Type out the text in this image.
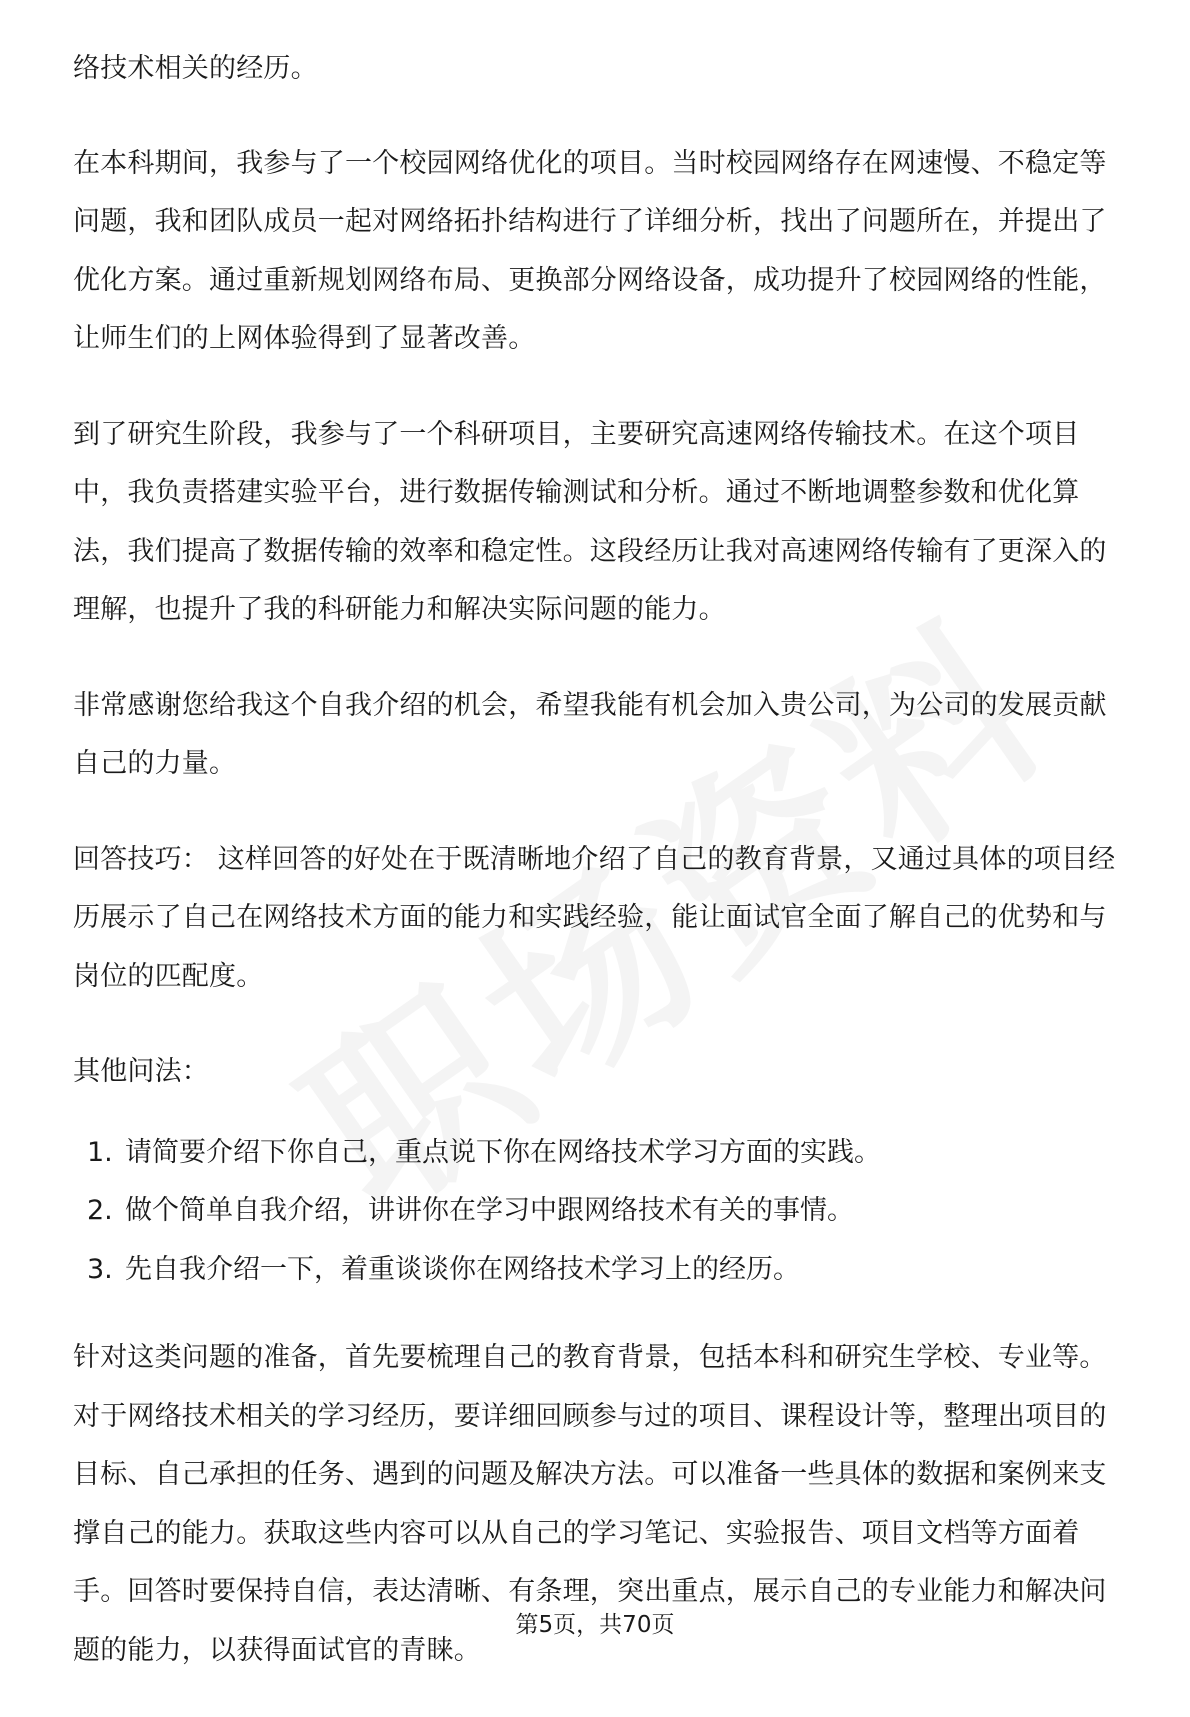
络技术相关的经历。

在本科期间，我参与了一个校园网络优化的项目。当时校园网络存在网速慢、不稳定等问题，我和团队成员一起对网络拓扑结构进行了详细分析，找出了问题所在，并提出了优化方案。通过重新规划网络布局、更换部分网络设备，成功提升了校园网络的性能，让师生们的上网体验得到了显著改善。

到了研究生阶段，我参与了一个科研项目，主要研究高速网络传输技术。在这个项目中，我负责搭建实验平台，进行数据传输测试和分析。通过不断地调整参数和优化算法，我们提高了数据传输的效率和稳定性。这段经历让我对高速网络传输有了更深入的理解，也提升了我的科研能力和解决实际问题的能力。

非常感谢您给我这个自我介绍的机会，希望我能有机会加入贵公司，为公司的发展贡献自己的力量。

回答技巧： 这样回答的好处在于既清晰地介绍了自己的教育背景，又通过具体的项目经历展示了自己在网络技术方面的能力和实践经验，能让面试官全面了解自己的优势和与岗位的匹配度。

其他问法：

1. 请简要介绍下你自己，重点说下你在网络技术学习方面的实践。
2. 做个简单自我介绍，讲讲你在学习中跟网络技术有关的事情。
3. 先自我介绍一下，着重谈谈你在网络技术学习上的经历。

针对这类问题的准备，首先要梳理自己的教育背景，包括本科和研究生学校、专业等。对于网络技术相关的学习经历，要详细回顾参与过的项目、课程设计等，整理出项目的目标、自己承担的任务、遇到的问题及解决方法。可以准备一些具体的数据和案例来支撑自己的能力。获取这些内容可以从自己的学习笔记、实验报告、项目文档等方面着手。回答时要保持自信，表达清晰、有条理，突出重点，展示自己的专业能力和解决问题的能力，以获得面试官的青睐。

第5页，共70页
